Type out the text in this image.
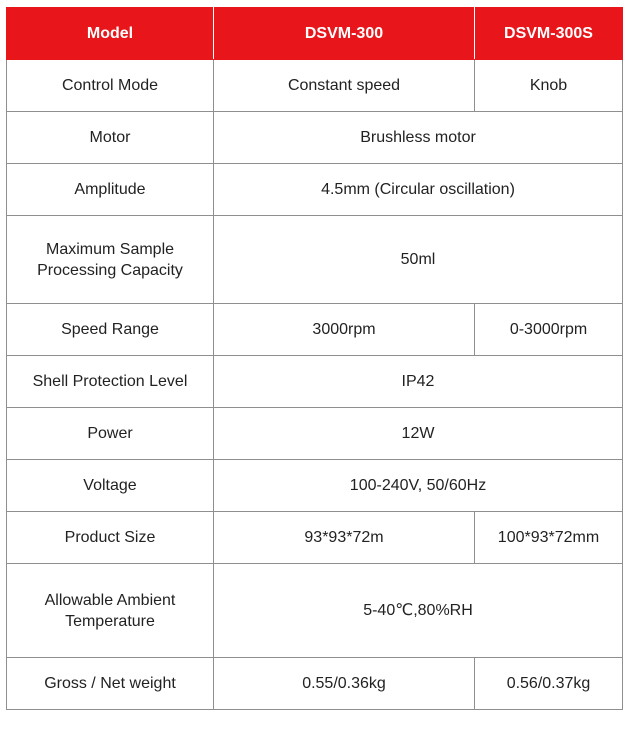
Model	DSVM-300	DSVM-300S
Control Mode	Constant speed	Knob
Motor	Brushless motor	
Amplitude	4.5mm (Circular oscillation)	

Maximum Sample
Processing Capacity	50ml	
Speed Range	3000rpm	0-3000rpm
Shell Protection Level	IP42	
Power	12W	
Voltage	100-240V, 50/60Hz	
Product Size	93*93*72m	100*93*72mm

Allowable Ambient
Temperature	5-40℃,80%RH	
Gross / Net weight	0.55/0.36kg	0.56/0.37kg
